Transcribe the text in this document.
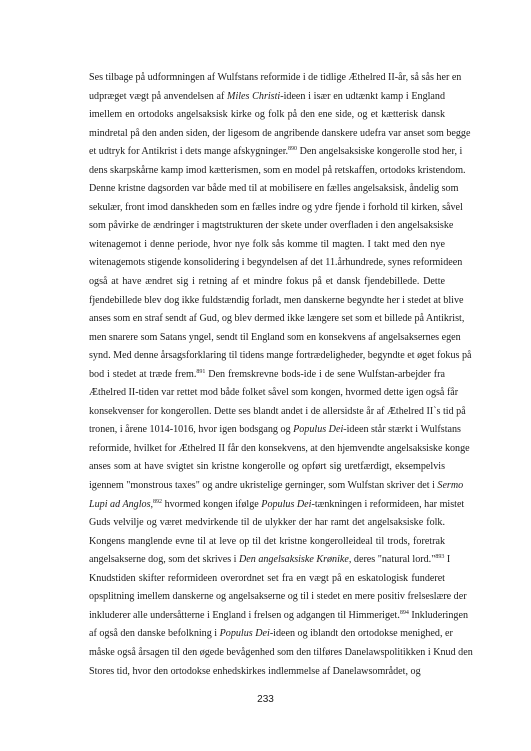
Ses tilbage på udformningen af Wulfstans reformide i de tidlige Æthelred II-år, så sås her en
udpræget vægt på anvendelsen af Miles Christi-ideen i især en udtænkt kamp i England
imellem en ortodoks angelsaksisk kirke og folk på den ene side, og et kætterisk dansk
mindretal på den anden siden, der ligesom de angribende danskere udefra var anset som begge
et udtryk for Antikrist i dets mange afskygninger.$^{890}$ Den angelsaksiske kongerolle stod her, i
dens skarpskårne kamp imod kætterismen, som en model på retskaffen, ortodoks kristendom.
Denne kristne dagsorden var både med til at mobilisere en fælles angelsaksisk, åndelig som
sekulær, front imod danskheden som en fælles indre og ydre fjende i forhold til kirken, såvel
som påvirke de ændringer i magtstrukturen der skete under overfladen i den angelsaksiske
witenagemot i denne periode, hvor nye folk sås komme til magten. I takt med den nye
witenagemots stigende konsolidering i begyndelsen af det 11.århundrede, synes reformideen
også at have ændret sig i retning af et mindre fokus på et dansk fjendebillede. Dette
fjendebillede blev dog ikke fuldstændig forladt, men danskerne begyndte her i stedet at blive
anses som en straf sendt af Gud, og blev dermed ikke længere set som et billede på Antikrist,
men snarere som Satans yngel, sendt til England som en konsekvens af angelsaksernes egen
synd. Med denne årsagsforklaring til tidens mange fortrædeligheder, begyndte et øget fokus på
bod i stedet at træde frem.$^{891}$ Den fremskrevne bods-ide i de sene Wulfstan-arbejder fra
Æthelred II-tiden var rettet mod både folket såvel som kongen, hvormed dette igen også får
konsekvenser for kongerollen. Dette ses blandt andet i de allersidste år af Æthelred II`s tid på
tronen, i årene 1014-1016, hvor igen bodsgang og Populus Dei-ideen står stærkt i Wulfstans
reformide, hvilket for Æthelred II får den konsekvens, at den hjemvendte angelsaksiske konge
anses som at have svigtet sin kristne kongerolle og opført sig uretfærdigt, eksempelvis
igennem "monstrous taxes" og andre ukristelige gerninger, som Wulfstan skriver det i Sermo
Lupi ad Anglos,$^{892}$ hvormed kongen ifølge Populus Dei-tænkningen i reformideen, har mistet
Guds velvilje og været medvirkende til de ulykker der har ramt det angelsaksiske folk.
Kongens manglende evne til at leve op til det kristne kongerolleideal til trods, foretrak
angelsakserne dog, som det skrives i Den angelsaksiske Krønike, deres "natural lord."$^{893}$ I
Knudstiden skifter reformideen overordnet set fra en vægt på en eskatologisk funderet
opsplitning imellem danskerne og angelsakserne og til i stedet en mere positiv frelseslære der
inkluderer alle undersåtterne i England i frelsen og adgangen til Himmeriget.$^{894}$ Inkluderingen
af også den danske befolkning i Populus Dei-ideen og iblandt den ortodokse menighed, er
måske også årsagen til den øgede bevågenhed som den tilføres Danelawspolitikken i Knud den
Stores tid, hvor den ortodokse enhedskirkes indlemmelse af Danelawsområdet, og
233
